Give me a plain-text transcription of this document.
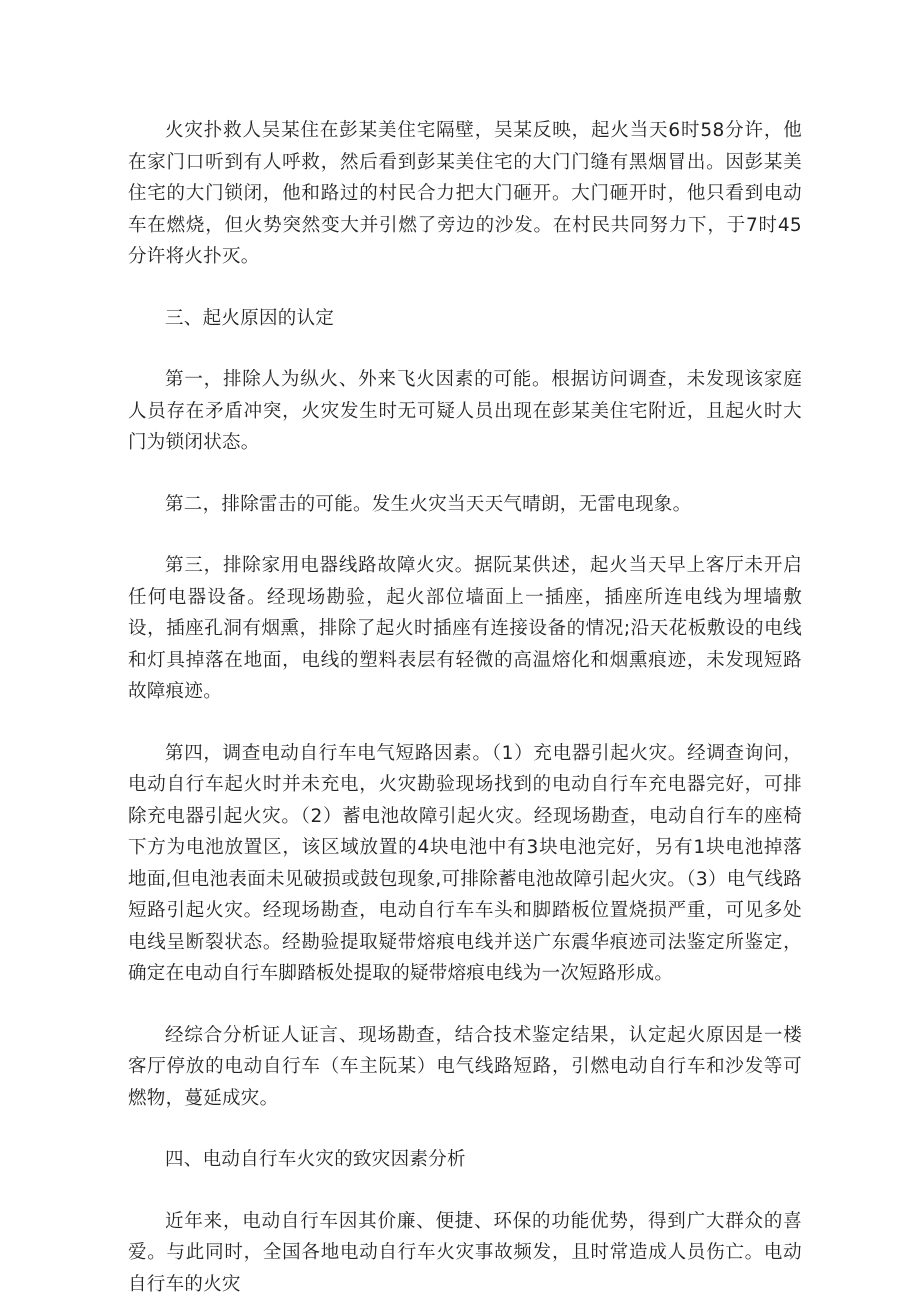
火灾扑救人吴某住在彭某美住宅隔壁，吴某反映，起火当天6时58分许，他在家门口听到有人呼救，然后看到彭某美住宅的大门门缝有黑烟冒出。因彭某美住宅的大门锁闭，他和路过的村民合力把大门砸开。大门砸开时，他只看到电动车在燃烧，但火势突然变大并引燃了旁边的沙发。在村民共同努力下，于7时45分许将火扑灭。

三、起火原因的认定

第一，排除人为纵火、外来飞火因素的可能。根据访问调查，未发现该家庭人员存在矛盾冲突，火灾发生时无可疑人员出现在彭某美住宅附近，且起火时大门为锁闭状态。

第二，排除雷击的可能。发生火灾当天天气晴朗，无雷电现象。

第三，排除家用电器线路故障火灾。据阮某供述，起火当天早上客厅未开启任何电器设备。经现场勘验，起火部位墙面上一插座，插座所连电线为埋墙敷设，插座孔洞有烟熏，排除了起火时插座有连接设备的情况;沿天花板敷设的电线和灯具掉落在地面，电线的塑料表层有轻微的高温熔化和烟熏痕迹，未发现短路故障痕迹。

第四，调查电动自行车电气短路因素。（1）充电器引起火灾。经调查询问，电动自行车起火时并未充电，火灾勘验现场找到的电动自行车充电器完好，可排除充电器引起火灾。（2）蓄电池故障引起火灾。经现场勘查，电动自行车的座椅下方为电池放置区，该区域放置的4块电池中有3块电池完好，另有1块电池掉落地面,但电池表面未见破损或鼓包现象,可排除蓄电池故障引起火灾。（3）电气线路短路引起火灾。经现场勘查，电动自行车车头和脚踏板位置烧损严重，可见多处电线呈断裂状态。经勘验提取疑带熔痕电线并送广东震华痕迹司法鉴定所鉴定，确定在电动自行车脚踏板处提取的疑带熔痕电线为一次短路形成。

经综合分析证人证言、现场勘查，结合技术鉴定结果，认定起火原因是一楼客厅停放的电动自行车（车主阮某）电气线路短路，引燃电动自行车和沙发等可燃物，蔓延成灾。

四、电动自行车火灾的致灾因素分析

近年来，电动自行车因其价廉、便捷、环保的功能优势，得到广大群众的喜爱。与此同时，全国各地电动自行车火灾事故频发，且时常造成人员伤亡。电动自行车的火灾
